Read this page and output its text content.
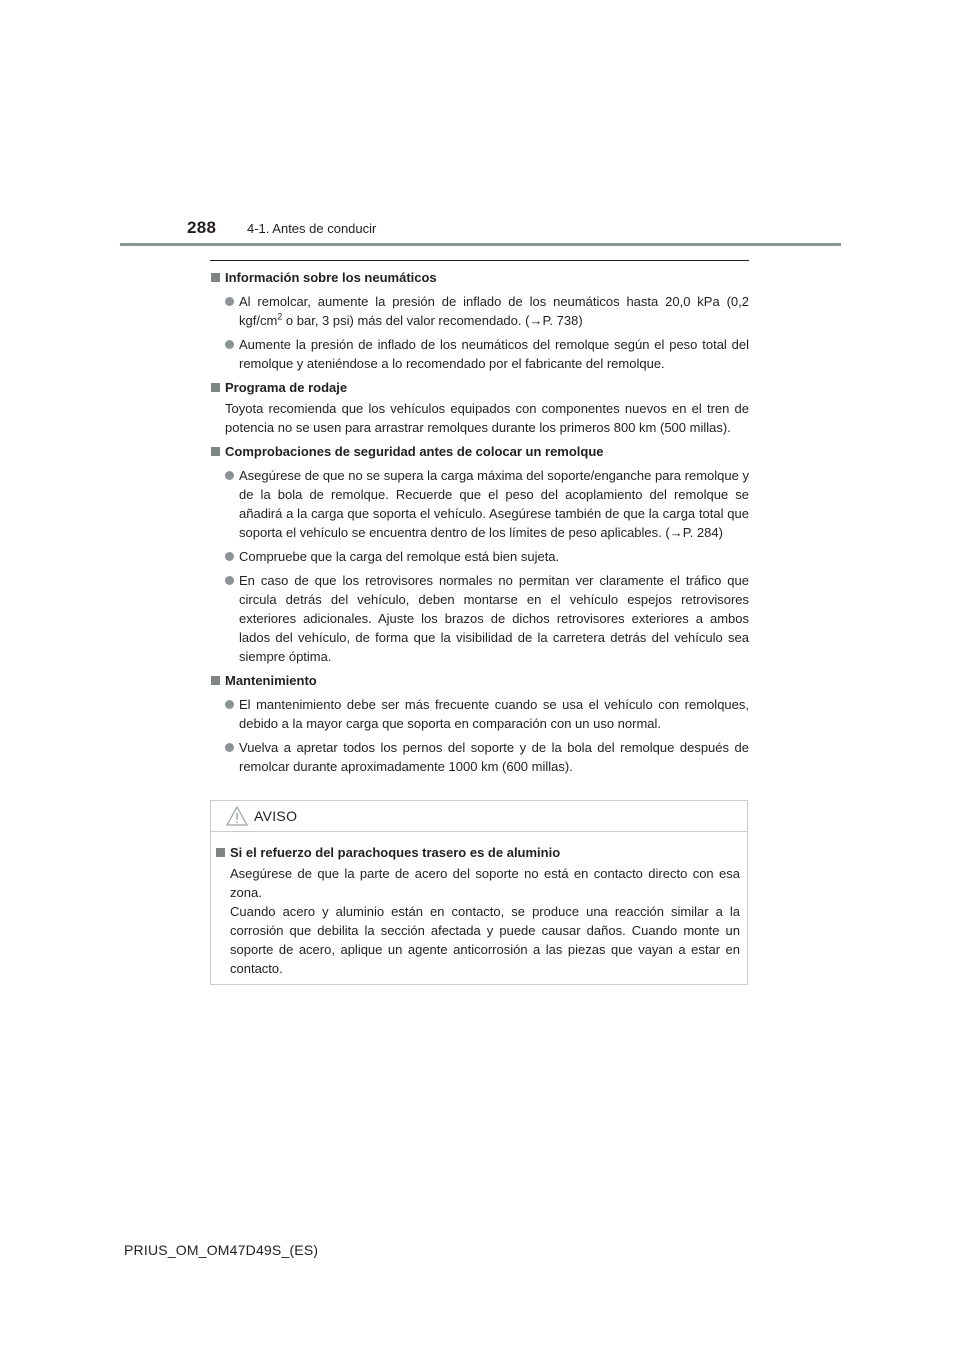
288 4-1. Antes de conducir
Información sobre los neumáticos
Al remolcar, aumente la presión de inflado de los neumáticos hasta 20,0 kPa (0,2 kgf/$cm^2$ o bar, 3 psi) más del valor recomendado. (→P. 738)
Aumente la presión de inflado de los neumáticos del remolque según el peso total del remolque y ateniéndose a lo recomendado por el fabricante del remolque.
Programa de rodaje
Toyota recomienda que los vehículos equipados con componentes nuevos en el tren de potencia no se usen para arrastrar remolques durante los primeros 800 km (500 millas).
Comprobaciones de seguridad antes de colocar un remolque
Asegúrese de que no se supera la carga máxima del soporte/enganche para remolque y de la bola de remolque. Recuerde que el peso del acoplamiento del remolque se añadirá a la carga que soporta el vehículo. Asegúrese también de que la carga total que soporta el vehículo se encuentra dentro de los límites de peso aplicables. (→P. 284)
Compruebe que la carga del remolque está bien sujeta.
En caso de que los retrovisores normales no permitan ver claramente el tráfico que circula detrás del vehículo, deben montarse en el vehículo espejos retrovisores exteriores adicionales. Ajuste los brazos de dichos retrovisores exteriores a ambos lados del vehículo, de forma que la visibilidad de la carretera detrás del vehículo sea siempre óptima.
Mantenimiento
El mantenimiento debe ser más frecuente cuando se usa el vehículo con remolques, debido a la mayor carga que soporta en comparación con un uso normal.
Vuelva a apretar todos los pernos del soporte y de la bola del remolque después de remolcar durante aproximadamente 1000 km (600 millas).
AVISO
Si el refuerzo del parachoques trasero es de aluminio
Asegúrese de que la parte de acero del soporte no está en contacto directo con esa zona.
Cuando acero y aluminio están en contacto, se produce una reacción similar a la corrosión que debilita la sección afectada y puede causar daños. Cuando monte un soporte de acero, aplique un agente anticorrosión a las piezas que vayan a estar en contacto.
PRIUS_OM_OM47D49S_(ES)
